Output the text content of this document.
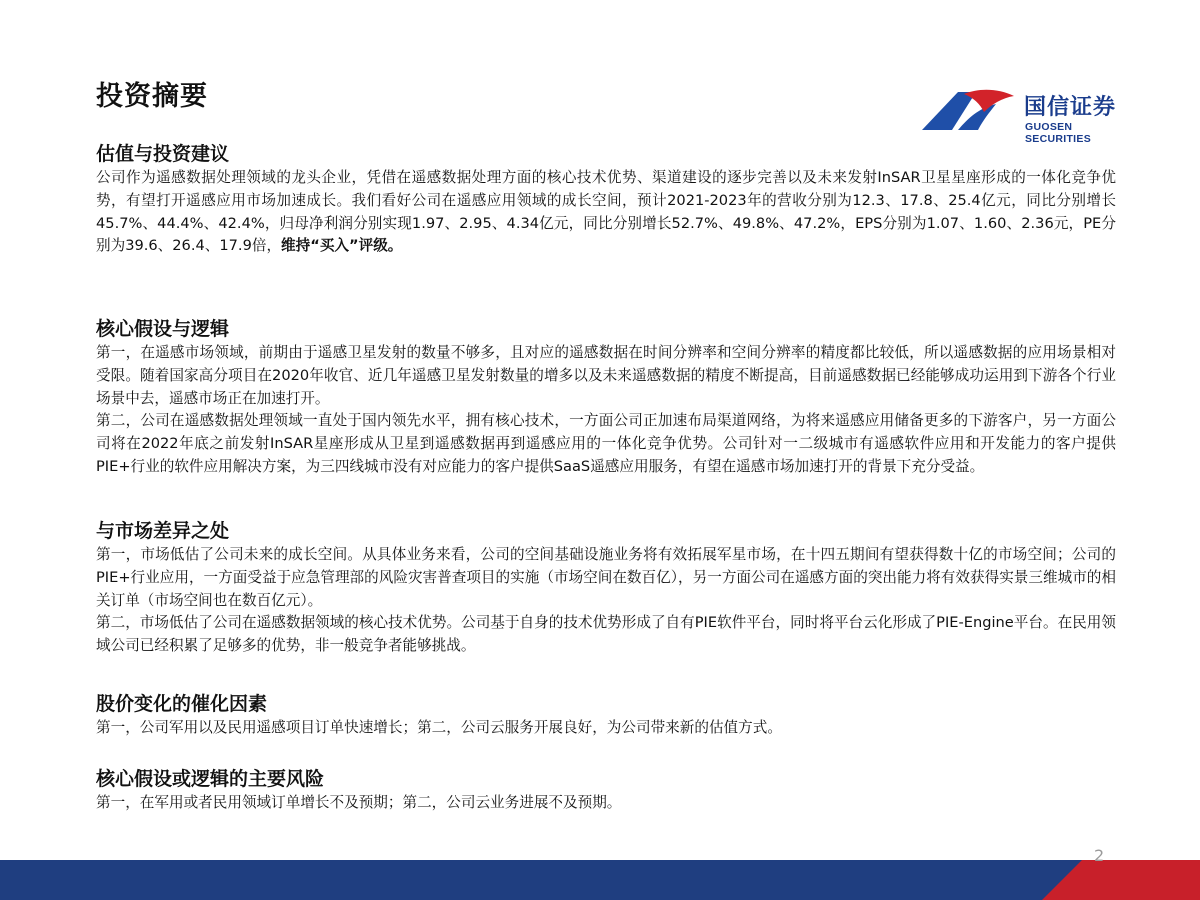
投资摘要	国信证券
GUOSEN SECURITIES
估值与投资建议

公司作为遥感数据处理领域的龙头企业，凭借在遥感数据处理方面的核心技术优势、渠道建设的逐步完善以及未来发射InSAR卫星星座形成的一体化竞争优势，有望打开遥感应用市场加速成长。我们看好公司在遥感应用领域的成长空间，预计2021-2023年的营收分别为12.3、17.8、25.4亿元，同比分别增长45.7%、44.4%、42.4%，归母净利润分别实现1.97、2.95、4.34亿元，同比分别增长52.7%、49.8%、47.2%，EPS分别为1.07、1.60、2.36元，PE分别为39.6、26.4、17.9倍，维持“买入”评级。

核心假设与逻辑

第一，在遥感市场领域，前期由于遥感卫星发射的数量不够多，且对应的遥感数据在时间分辨率和空间分辨率的精度都比较低，所以遥感数据的应用场景相对受限。随着国家高分项目在2020年收官、近几年遥感卫星发射数量的增多以及未来遥感数据的精度不断提高，目前遥感数据已经能够成功运用到下游各个行业场景中去，遥感市场正在加速打开。

第二，公司在遥感数据处理领域一直处于国内领先水平，拥有核心技术，一方面公司正加速布局渠道网络，为将来遥感应用储备更多的下游客户，另一方面公司将在2022年底之前发射InSAR星座形成从卫星到遥感数据再到遥感应用的一体化竞争优势。公司针对一二级城市有遥感软件应用和开发能力的客户提供PIE+行业的软件应用解决方案，为三四线城市没有对应能力的客户提供SaaS遥感应用服务，有望在遥感市场加速打开的背景下充分受益。

与市场差异之处

第一，市场低估了公司未来的成长空间。从具体业务来看，公司的空间基础设施业务将有效拓展军星市场，在十四五期间有望获得数十亿的市场空间；公司的PIE+行业应用，一方面受益于应急管理部的风险灾害普查项目的实施（市场空间在数百亿），另一方面公司在遥感方面的突出能力将有效获得实景三维城市的相关订单（市场空间也在数百亿元）。

第二，市场低估了公司在遥感数据领域的核心技术优势。公司基于自身的技术优势形成了自有PIE软件平台，同时将平台云化形成了PIE-Engine平台。在民用领域公司已经积累了足够多的优势，非一般竞争者能够挑战。

股价变化的催化因素

第一，公司军用以及民用遥感项目订单快速增长；第二，公司云服务开展良好，为公司带来新的估值方式。

核心假设或逻辑的主要风险

第一，在军用或者民用领域订单增长不及预期；第二，公司云业务进展不及预期。

2
